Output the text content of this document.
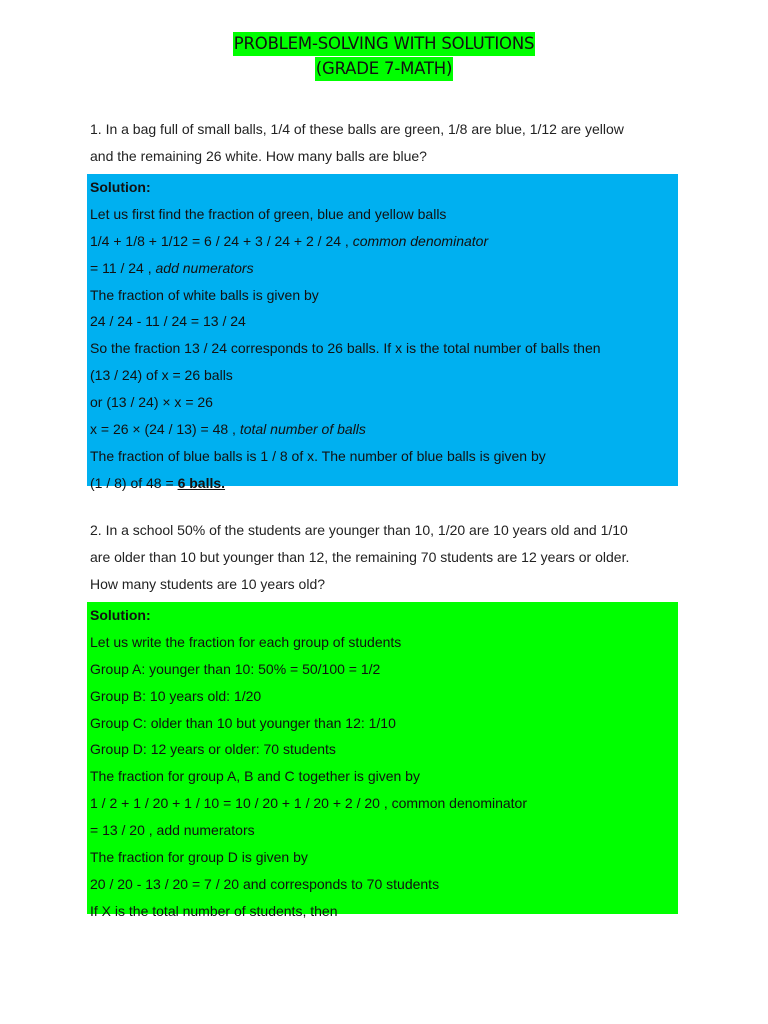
PROBLEM-SOLVING WITH SOLUTIONS
(GRADE 7-MATH)
1. In a bag full of small balls, 1/4 of these balls are green, 1/8 are blue, 1/12 are yellow
and the remaining 26 white. How many balls are blue?
Solution:
Let us first find the fraction of green, blue and yellow balls
1/4 + 1/8 + 1/12 = 6 / 24 + 3 / 24 + 2 / 24 , common denominator
= 11 / 24 , add numerators
The fraction of white balls is given by
24 / 24 - 11 / 24 = 13 / 24
So the fraction 13 / 24 corresponds to 26 balls. If x is the total number of balls then
(13 / 24) of x = 26 balls
or (13 / 24) × x = 26
x = 26 × (24 / 13) = 48 , total number of balls
The fraction of blue balls is 1 / 8 of x. The number of blue balls is given by
(1 / 8) of 48 = 6 balls.
2. In a school 50% of the students are younger than 10, 1/20 are 10 years old and 1/10
are older than 10 but younger than 12, the remaining 70 students are 12 years or older.
How many students are 10 years old?
Solution:
Let us write the fraction for each group of students
Group A: younger than 10: 50% = 50/100 = 1/2
Group B: 10 years old: 1/20
Group C: older than 10 but younger than 12: 1/10
Group D: 12 years or older: 70 students
The fraction for group A, B and C together is given by
1 / 2 + 1 / 20 + 1 / 10 = 10 / 20 + 1 / 20 + 2 / 20 , common denominator
= 13 / 20 , add numerators
The fraction for group D is given by
20 / 20 - 13 / 20 = 7 / 20 and corresponds to 70 students
If X is the total number of students, then
